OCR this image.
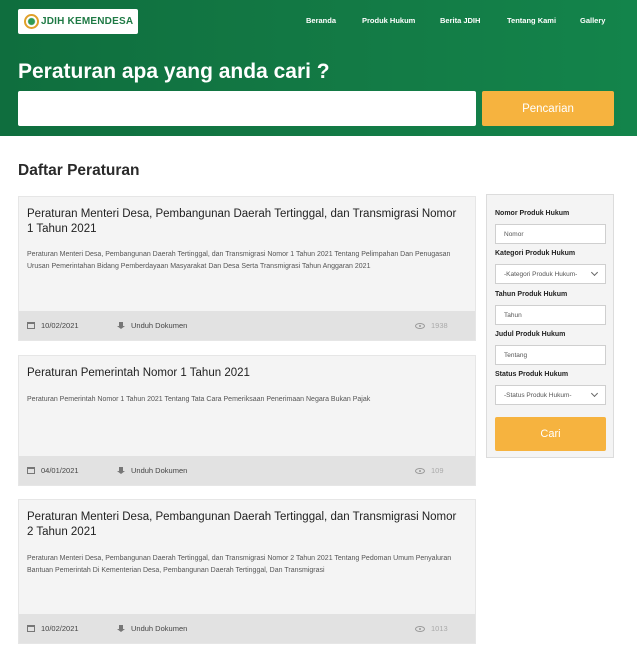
JDIH KEMENDESA	Beranda	Produk Hukum	Berita JDIH	Tentang Kami	Gallery
Peraturan apa yang anda cari ?
Pencarian
Daftar Peraturan
Peraturan Menteri Desa, Pembangunan Daerah Tertinggal, dan Transmigrasi Nomor 1 Tahun 2021
Peraturan Menteri Desa, Pembangunan Daerah Tertinggal, dan Transmigrasi Nomor 1 Tahun 2021 Tentang Pelimpahan Dan Penugasan Urusan Pemerintahan Bidang Pemberdayaan Masyarakat Dan Desa Serta Transmigrasi Tahun Anggaran 2021
10/02/2021	Unduh Dokumen	1938
Peraturan Pemerintah Nomor 1 Tahun 2021
Peraturan Pemerintah Nomor 1 Tahun 2021 Tentang Tata Cara Pemeriksaan Penerimaan Negara Bukan Pajak
04/01/2021	Unduh Dokumen	109
Peraturan Menteri Desa, Pembangunan Daerah Tertinggal, dan Transmigrasi Nomor 2 Tahun 2021
Peraturan Menteri Desa, Pembangunan Daerah Tertinggal, dan Transmigrasi Nomor 2 Tahun 2021 Tentang Pedoman Umum Penyaluran Bantuan Pemerintah Di Kementerian Desa, Pembangunan Daerah Tertinggal, Dan Transmigrasi
10/02/2021	Unduh Dokumen	1013
Nomor Produk Hukum
Nomor
Kategori Produk Hukum
-Kategori Produk Hukum-
Tahun Produk Hukum
Tahun
Judul Produk Hukum
Tentang
Status Produk Hukum
-Status Produk Hukum-
Cari
